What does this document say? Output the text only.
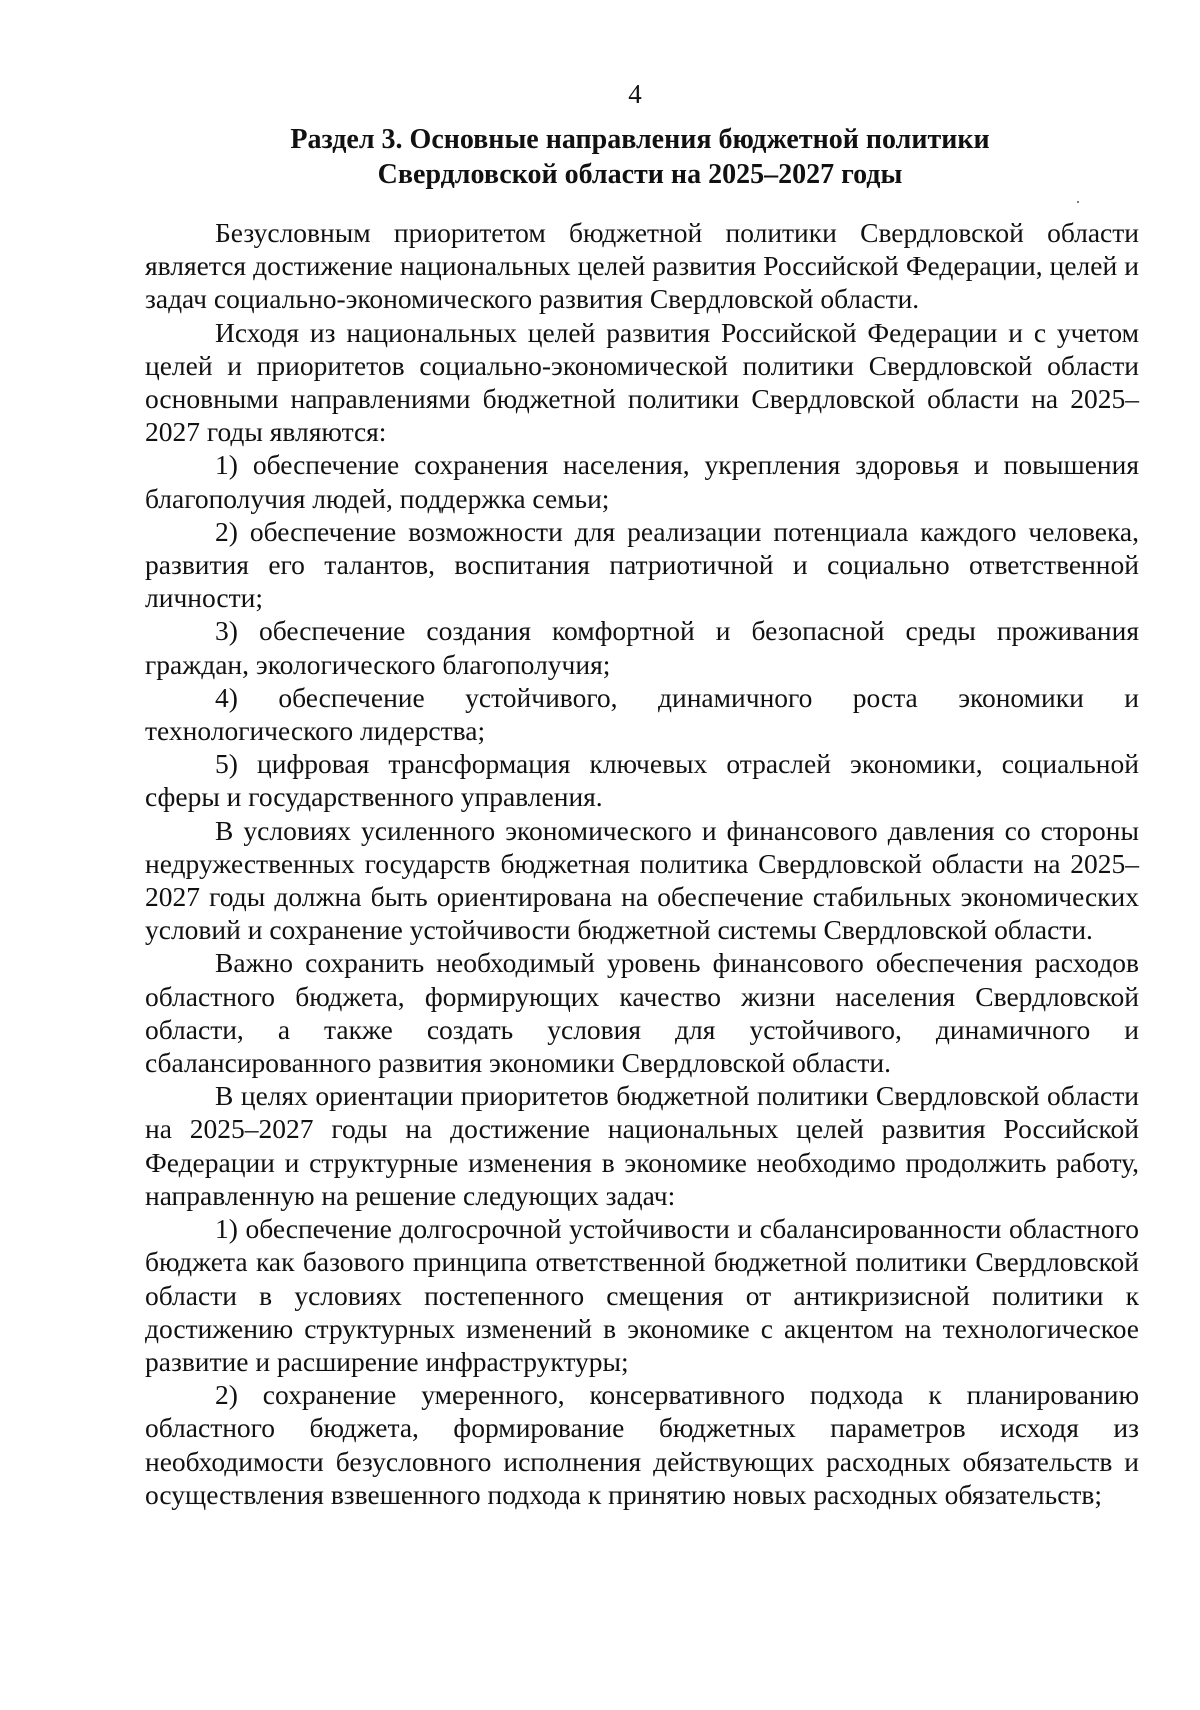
4
Раздел 3. Основные направления бюджетной политики
Свердловской области на 2025–2027 годы

Безусловным приоритетом бюджетной политики Свердловской области является достижение национальных целей развития Российской Федерации, целей и задач социально-экономического развития Свердловской области.

Исходя из национальных целей развития Российской Федерации и с учетом целей и приоритетов социально-экономической политики Свердловской области основными направлениями бюджетной политики Свердловской области на 2025–2027 годы являются:

1) обеспечение сохранения населения, укрепления здоровья и повышения благополучия людей, поддержка семьи;

2) обеспечение возможности для реализации потенциала каждого человека, развития его талантов, воспитания патриотичной и социально ответственной личности;

3) обеспечение создания комфортной и безопасной среды проживания граждан, экологического благополучия;

4) обеспечение устойчивого, динамичного роста экономики и технологического лидерства;

5) цифровая трансформация ключевых отраслей экономики, социальной сферы и государственного управления.

В условиях усиленного экономического и финансового давления со стороны недружественных государств бюджетная политика Свердловской области на 2025–2027 годы должна быть ориентирована на обеспечение стабильных экономических условий и сохранение устойчивости бюджетной системы Свердловской области.

Важно сохранить необходимый уровень финансового обеспечения расходов областного бюджета, формирующих качество жизни населения Свердловской области, а также создать условия для устойчивого, динамичного и сбалансированного развития экономики Свердловской области.

В целях ориентации приоритетов бюджетной политики Свердловской области на 2025–2027 годы на достижение национальных целей развития Российской Федерации и структурные изменения в экономике необходимо продолжить работу, направленную на решение следующих задач:

1) обеспечение долгосрочной устойчивости и сбалансированности областного бюджета как базового принципа ответственной бюджетной политики Свердловской области в условиях постепенного смещения от антикризисной политики к достижению структурных изменений в экономике с акцентом на технологическое развитие и расширение инфраструктуры;

2) сохранение умеренного, консервативного подхода к планированию областного бюджета, формирование бюджетных параметров исходя из необходимости безусловного исполнения действующих расходных обязательств и осуществления взвешенного подхода к принятию новых расходных обязательств;
